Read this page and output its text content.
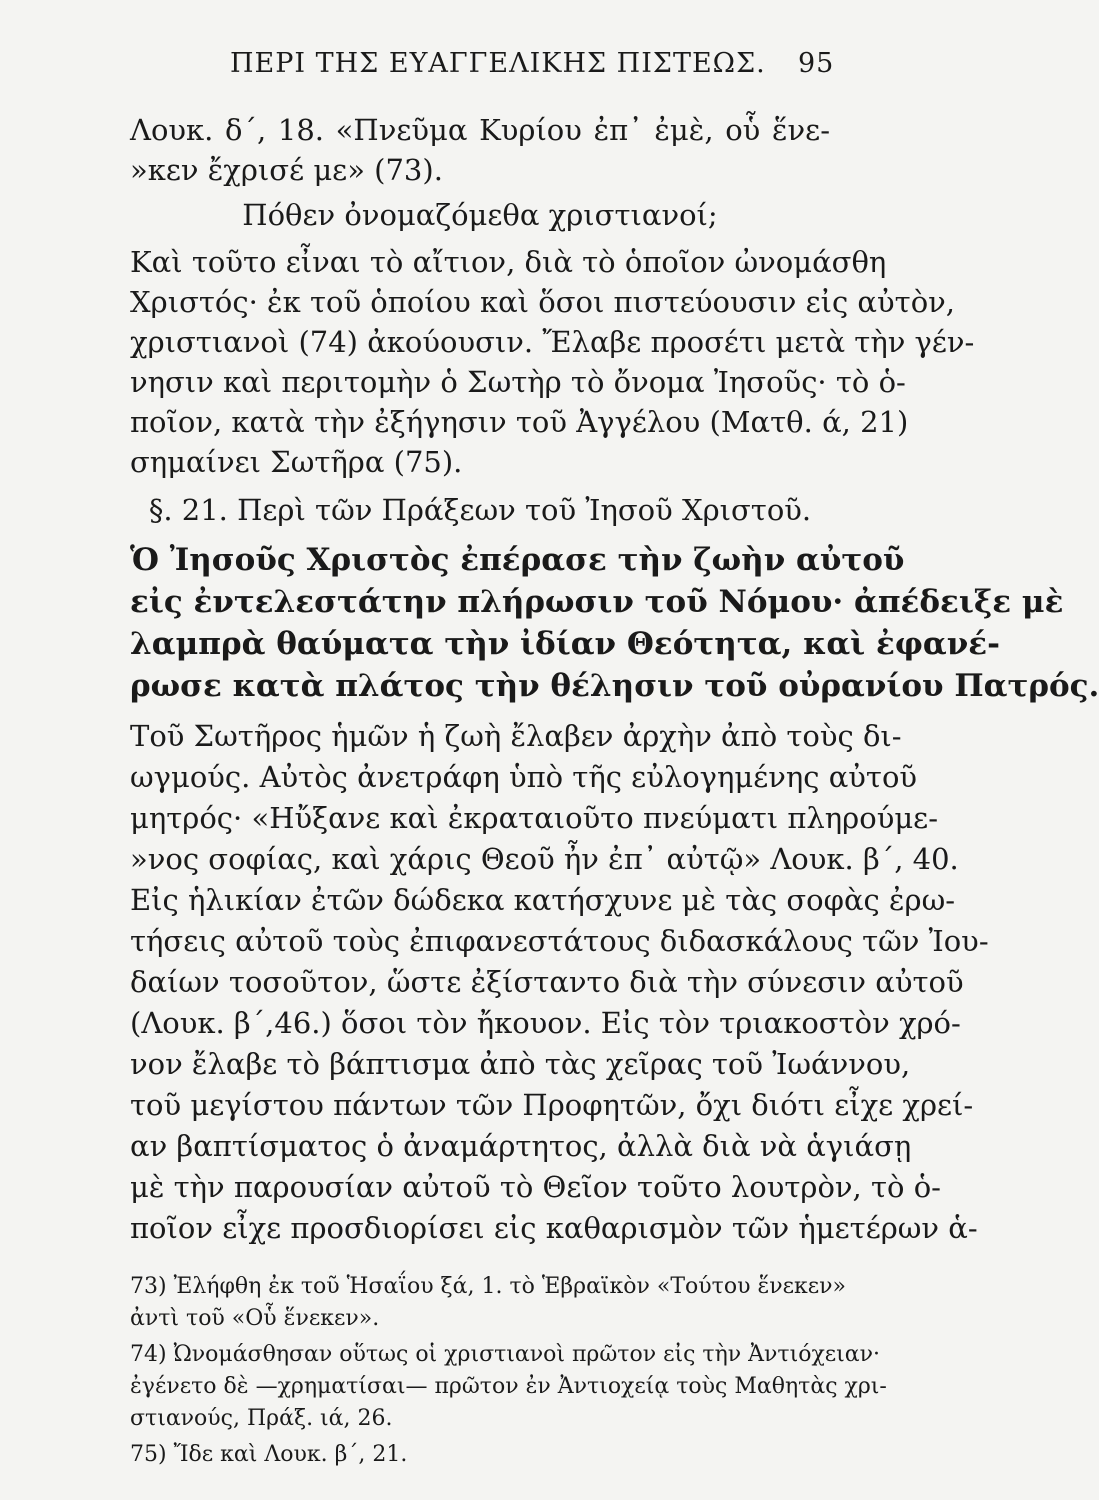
ΠΕΡΙ ΤΗΣ ΕΥΑΓΓΕΛΙΚΗΣ ΠΙΣΤΕΩΣ. 95
Λουκ. δ΄, 18. «Πνεῦμα Κυρίου ἐπ᾽ ἐμὲ, οὗ ἕνε-
»κεν ἔχρισέ με» (73).
Πόθεν ὀνομαζόμεθα χριστιανοί;
Καὶ τοῦτο εἶναι τὸ αἴτιον, διὰ τὸ ὁποῖον ὠνομάσθη
Χριστός· ἐκ τοῦ ὁποίου καὶ ὅσοι πιστεύουσιν εἰς αὐτὸν,
χριστιανοὶ (74) ἀκούουσιν. Ἔλαβε προσέτι μετὰ τὴν γέν-
νησιν καὶ περιτομὴν ὁ Σωτὴρ τὸ ὄνομα Ἰησοῦς· τὸ ὁ-
ποῖον, κατὰ τὴν ἐξήγησιν τοῦ Ἀγγέλου (Ματθ. ά, 21)
σημαίνει Σωτῆρα (75).
§. 21. Περὶ τῶν Πράξεων τοῦ Ἰησοῦ Χριστοῦ.
Ὁ Ἰησοῦς Χριστὸς ἐπέρασε τὴν ζωὴν αὐτοῦ
εἰς ἐντελεστάτην πλήρωσιν τοῦ Νόμου· ἀπέδειξε μὲ
λαμπρὰ θαύματα τὴν ἰδίαν Θεότητα, καὶ ἐφανέ-
ρωσε κατὰ πλάτος τὴν θέλησιν τοῦ οὐρανίου Πατρός.
Τοῦ Σωτῆρος ἡμῶν ἡ ζωὴ ἔλαβεν ἀρχὴν ἀπὸ τοὺς δι-
ωγμούς. Αὐτὸς ἀνετράφη ὑπὸ τῆς εὐλογημένης αὐτοῦ
μητρός· «Ηὔξανε καὶ ἐκραταιοῦτο πνεύματι πληρούμε-
»νος σοφίας, καὶ χάρις Θεοῦ ἦν ἐπ᾽ αὐτῷ» Λουκ. β΄, 40.
Εἰς ἡλικίαν ἐτῶν δώδεκα κατήσχυνε μὲ τὰς σοφὰς ἐρω-
τήσεις αὐτοῦ τοὺς ἐπιφανεστάτους διδασκάλους τῶν Ἰου-
δαίων τοσοῦτον, ὥστε ἐξίσταντο διὰ τὴν σύνεσιν αὐτοῦ
(Λουκ. β΄,46.) ὅσοι τὸν ἤκουον. Εἰς τὸν τριακοστὸν χρό-
νον ἔλαβε τὸ βάπτισμα ἀπὸ τὰς χεῖρας τοῦ Ἰωάννου,
τοῦ μεγίστου πάντων τῶν Προφητῶν, ὄχι διότι εἶχε χρεί-
αν βαπτίσματος ὁ ἀναμάρτητος, ἀλλὰ διὰ νὰ ἁγιάσῃ
μὲ τὴν παρουσίαν αὐτοῦ τὸ Θεῖον τοῦτο λουτρὸν, τὸ ὁ-
ποῖον εἶχε προσδιορίσει εἰς καθαρισμὸν τῶν ἡμετέρων ἁ-
73) Ἐλήφθη ἐκ τοῦ Ἡσαΐου ξά, 1. τὸ Ἑβραϊκὸν «Τούτου ἕνεκεν»
ἀντὶ τοῦ «Οὗ ἕνεκεν».
74) Ὠνομάσθησαν οὕτως οἱ χριστιανοὶ πρῶτον εἰς τὴν Ἀντιόχειαν·
ἐγένετο δὲ —χρηματίσαι— πρῶτον ἐν Ἀντιοχείᾳ τοὺς Μαθητὰς χρι-
στιανούς, Πράξ. ιά, 26.
75) Ἴδε καὶ Λουκ. β΄, 21.
